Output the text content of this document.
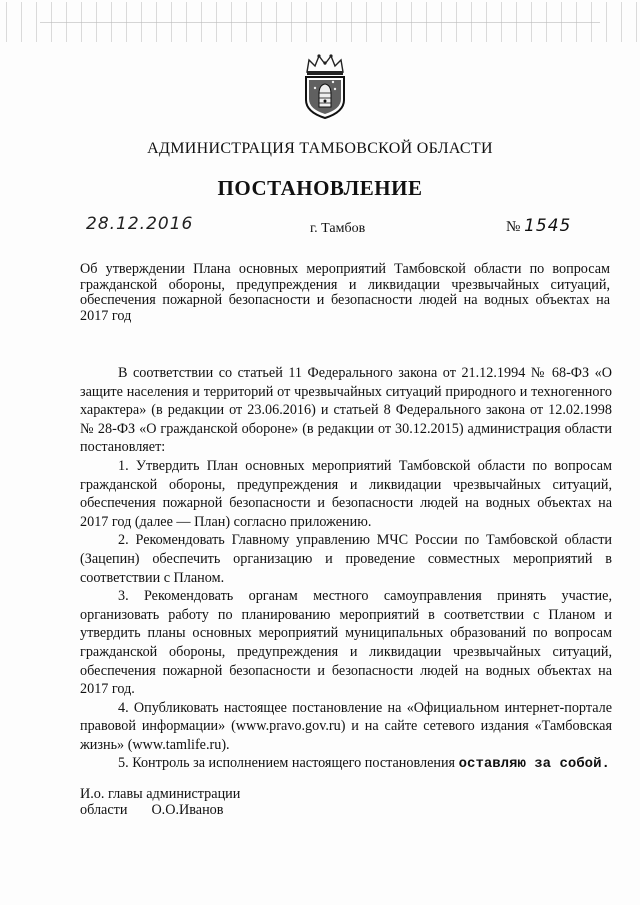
АДМИНИСТРАЦИЯ ТАМБОВСКОЙ ОБЛАСТИ
ПОСТАНОВЛЕНИЕ
28.12.2016	г. Тамбов	№ 1545
Об утверждении Плана основных мероприятий Тамбовской области по вопросам гражданской обороны, предупреждения и ликвидации чрезвычайных ситуаций, обеспечения пожарной безопасности и безопасности людей на водных объектах на 2017 год

В соответствии со статьей 11 Федерального закона от 21.12.1994 № 68-ФЗ «О защите населения и территорий от чрезвычайных ситуаций природного и техногенного характера» (в редакции от 23.06.2016) и статьей 8 Федерального закона от 12.02.1998 № 28-ФЗ «О гражданской обороне» (в редакции от 30.12.2015) администрация области постановляет:

1. Утвердить План основных мероприятий Тамбовской области по вопросам гражданской обороны, предупреждения и ликвидации чрезвычайных ситуаций, обеспечения пожарной безопасности и безопасности людей на водных объектах на 2017 год (далее — План) согласно приложению.

2. Рекомендовать Главному управлению МЧС России по Тамбовской области (Зацепин) обеспечить организацию и проведение совместных мероприятий в соответствии с Планом.

3. Рекомендовать органам местного самоуправления принять участие, организовать работу по планированию мероприятий в соответствии с Планом и утвердить планы основных мероприятий муниципальных образований по вопросам гражданской обороны, предупреждения и ликвидации чрезвычайных ситуаций, обеспечения пожарной безопасности и безопасности людей на водных объектах на 2017 год.

4. Опубликовать настоящее постановление на «Официальном интернет-портале правовой информации» (www.pravo.gov.ru) и на сайте сетевого издания «Тамбовская жизнь» (www.tamlife.ru).

5. Контроль за исполнением настоящего постановления оставляю за собой.

И.о. главы администрации
области О.О.Иванов
